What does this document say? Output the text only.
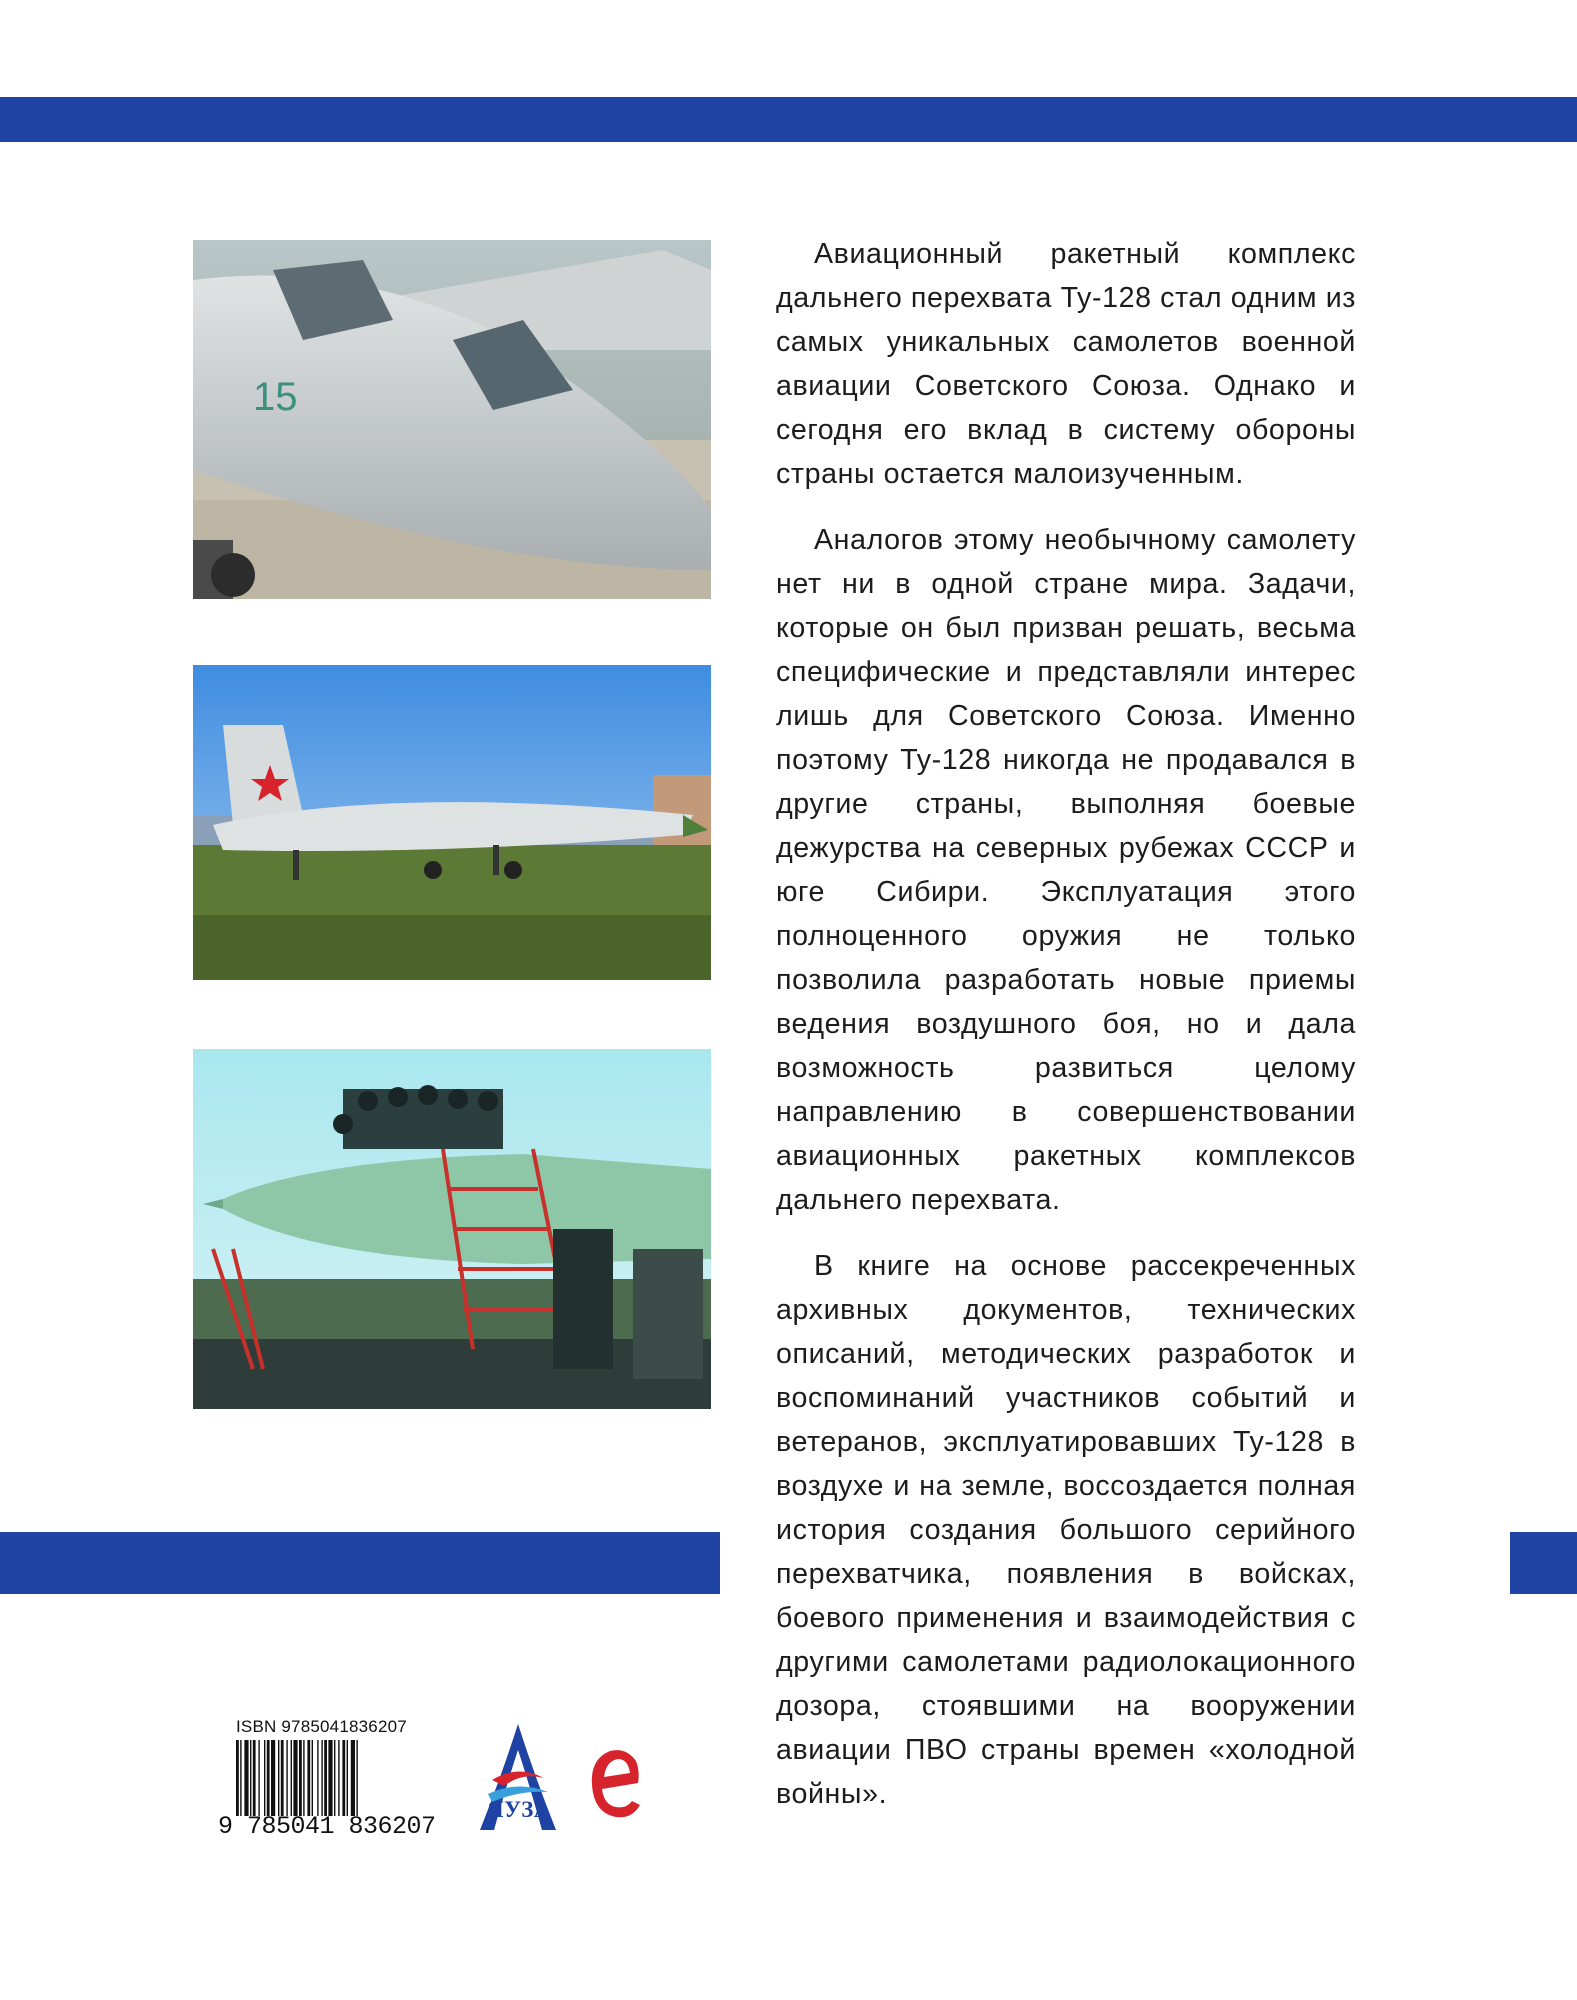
15

Авиационный ракетный комплекс дальнего перехвата Ту-128 стал одним из самых уникальных самолетов военной авиации Советского Союза. Однако и сегодня его вклад в систему обороны страны остается малоизученным.

Аналогов этому необычному самолету нет ни в одной стране мира. Задачи, которые он был призван решать, весьма специфические и представляли интерес лишь для Советского Союза. Именно поэтому Ту-128 никогда не продавался в другие страны, выполняя боевые дежурства на северных рубежах СССР и юге Сибири. Эксплуатация этого полноценного оружия не только позволила разработать новые приемы ведения воздушного боя, но и дала возможность развиться целому направлению в совершенствовании авиационных ракетных комплексов дальнего перехвата.

В книге на основе рассекреченных архивных документов, технических описаний, методических разработок и воспоминаний участников событий и ветеранов, эксплуатировавших Ту-128 в воздухе и на земле, воссоздается полная история создания большого серийного перехватчика, появления в войсках, боевого применения и взаимодействия с другими самолетами радиолокационного дозора, стоявшими на вооружении авиации ПВО страны времен «холодной войны».

ISBN 9785041836207
9 785041 836207
ЯУЗА
